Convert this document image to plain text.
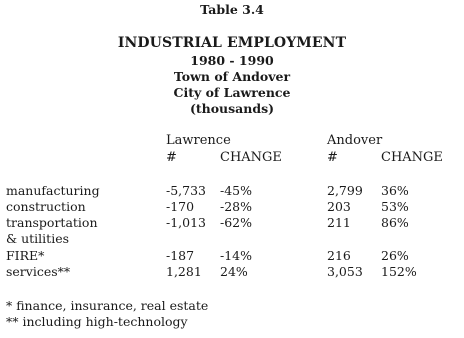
Table 3.4
INDUSTRIAL EMPLOYMENT
1980 - 1990
Town of Andover
City of Lawrence
(thousands)
Lawrence	Andover
#	CHANGE	#	CHANGE
manufacturing	-5,733 -45%	2,799 36%
construction	-170 -28%	203 53%
transportation	-1,013 -62%	211 86%
& utilities
FIRE*	-187 -14%	216 26%
services**	1,281 24%	3,053 152%
* finance, insurance, real estate
** including high-technology
